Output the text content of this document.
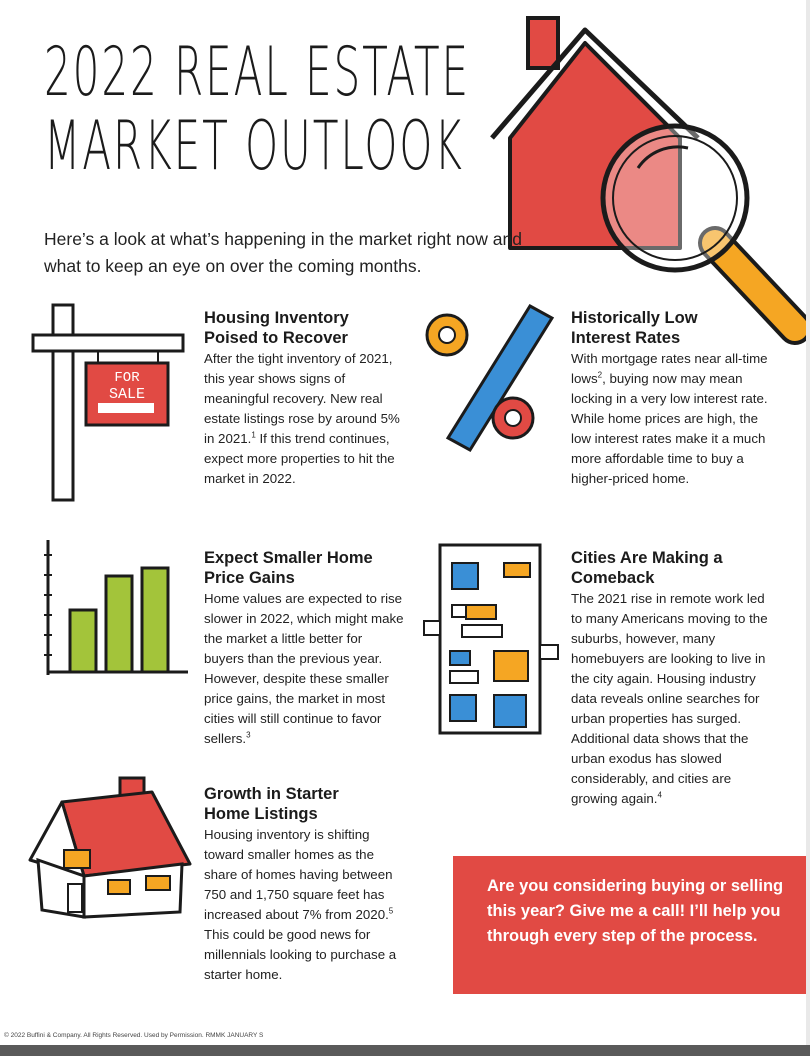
2022 REAL ESTATE
MARKET OUTLOOK
Here’s a look at what’s happening in the market right now and what to keep an eye on over the coming months.
FOR
SALE
Housing Inventory
Poised to Recover
After the tight inventory of 2021, this year shows signs of meaningful recovery. New real estate listings rose by around 5% in 2021.$^1$ If this trend continues, expect more properties to hit the market in 2022.
Historically Low
Interest Rates
With mortgage rates near all-time lows$^2$, buying now may mean locking in a very low interest rate. While home prices are high, the low interest rates make it a much more affordable time to buy a higher-priced home.
Expect Smaller Home
Price Gains
Home values are expected to rise slower in 2022, which might make the market a little better for buyers than the previous year. However, despite these smaller price gains, the market in most cities will still continue to favor sellers.$^3$
Cities Are Making a
Comeback
The 2021 rise in remote work led to many Americans moving to the suburbs, however, many homebuyers are looking to live in the city again. Housing industry data reveals online searches for urban properties has surged. Additional data shows that the urban exodus has slowed considerably, and cities are growing again.$^4$
Growth in Starter
Home Listings
Housing inventory is shifting toward smaller homes as the share of homes having between 750 and 1,750 square feet has increased about 7% from 2020.$^5$ This could be good news for millennials looking to purchase a starter home.
Are you considering buying or selling this year? Give me a call! I’ll help you through every step of the process.
© 2022 Buffini & Company. All Rights Reserved. Used by Permission. RMMK JANUARY S
